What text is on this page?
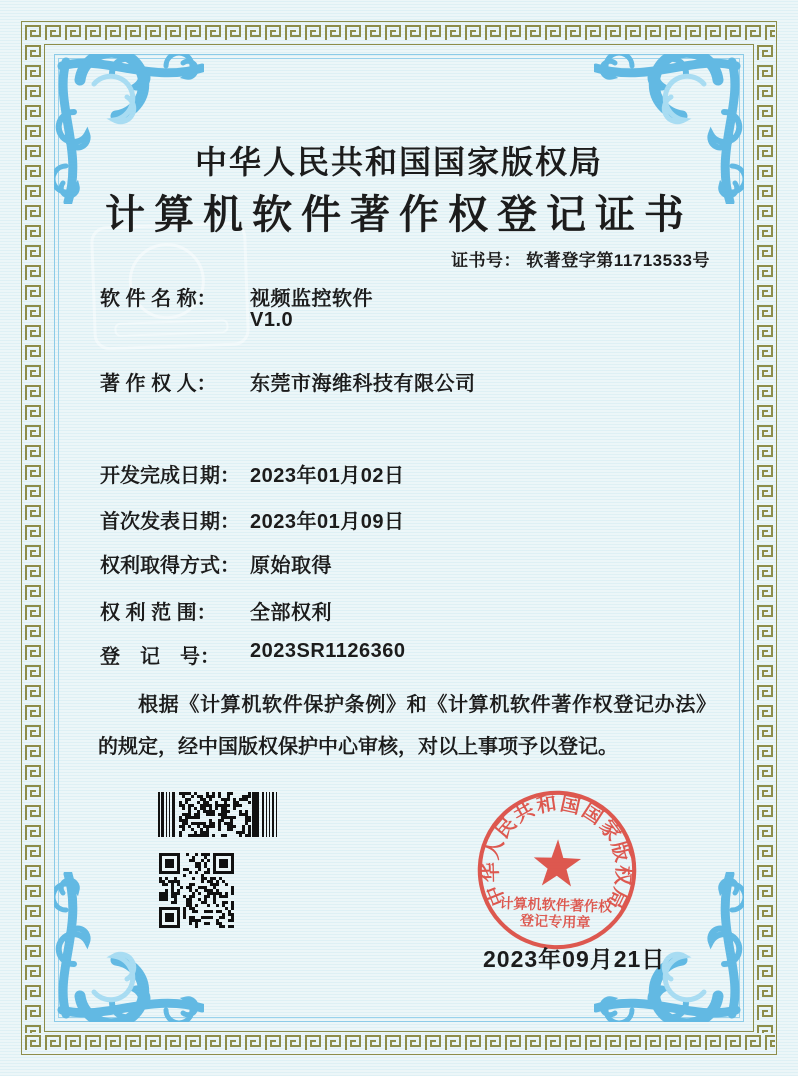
中华人民共和国国家版权局
计算机软件著作权登记证书
证书号： 软著登字第11713533号
软 件 名 称： 视频监控软件
V1.0
著 作 权 人： 东莞市海维科技有限公司
开发完成日期： 2023年01月02日
首次发表日期： 2023年01月09日
权利取得方式： 原始取得
权 利 范 围： 全部权利
登　记　号： 2023SR1126360
根据《计算机软件保护条例》和《计算机软件著作权登记办法》的规定，经中国版权保护中心审核，对以上事项予以登记。
中华人民共和国国家版权局
计算机软件著作权
登记专用章
2023年09月21日
